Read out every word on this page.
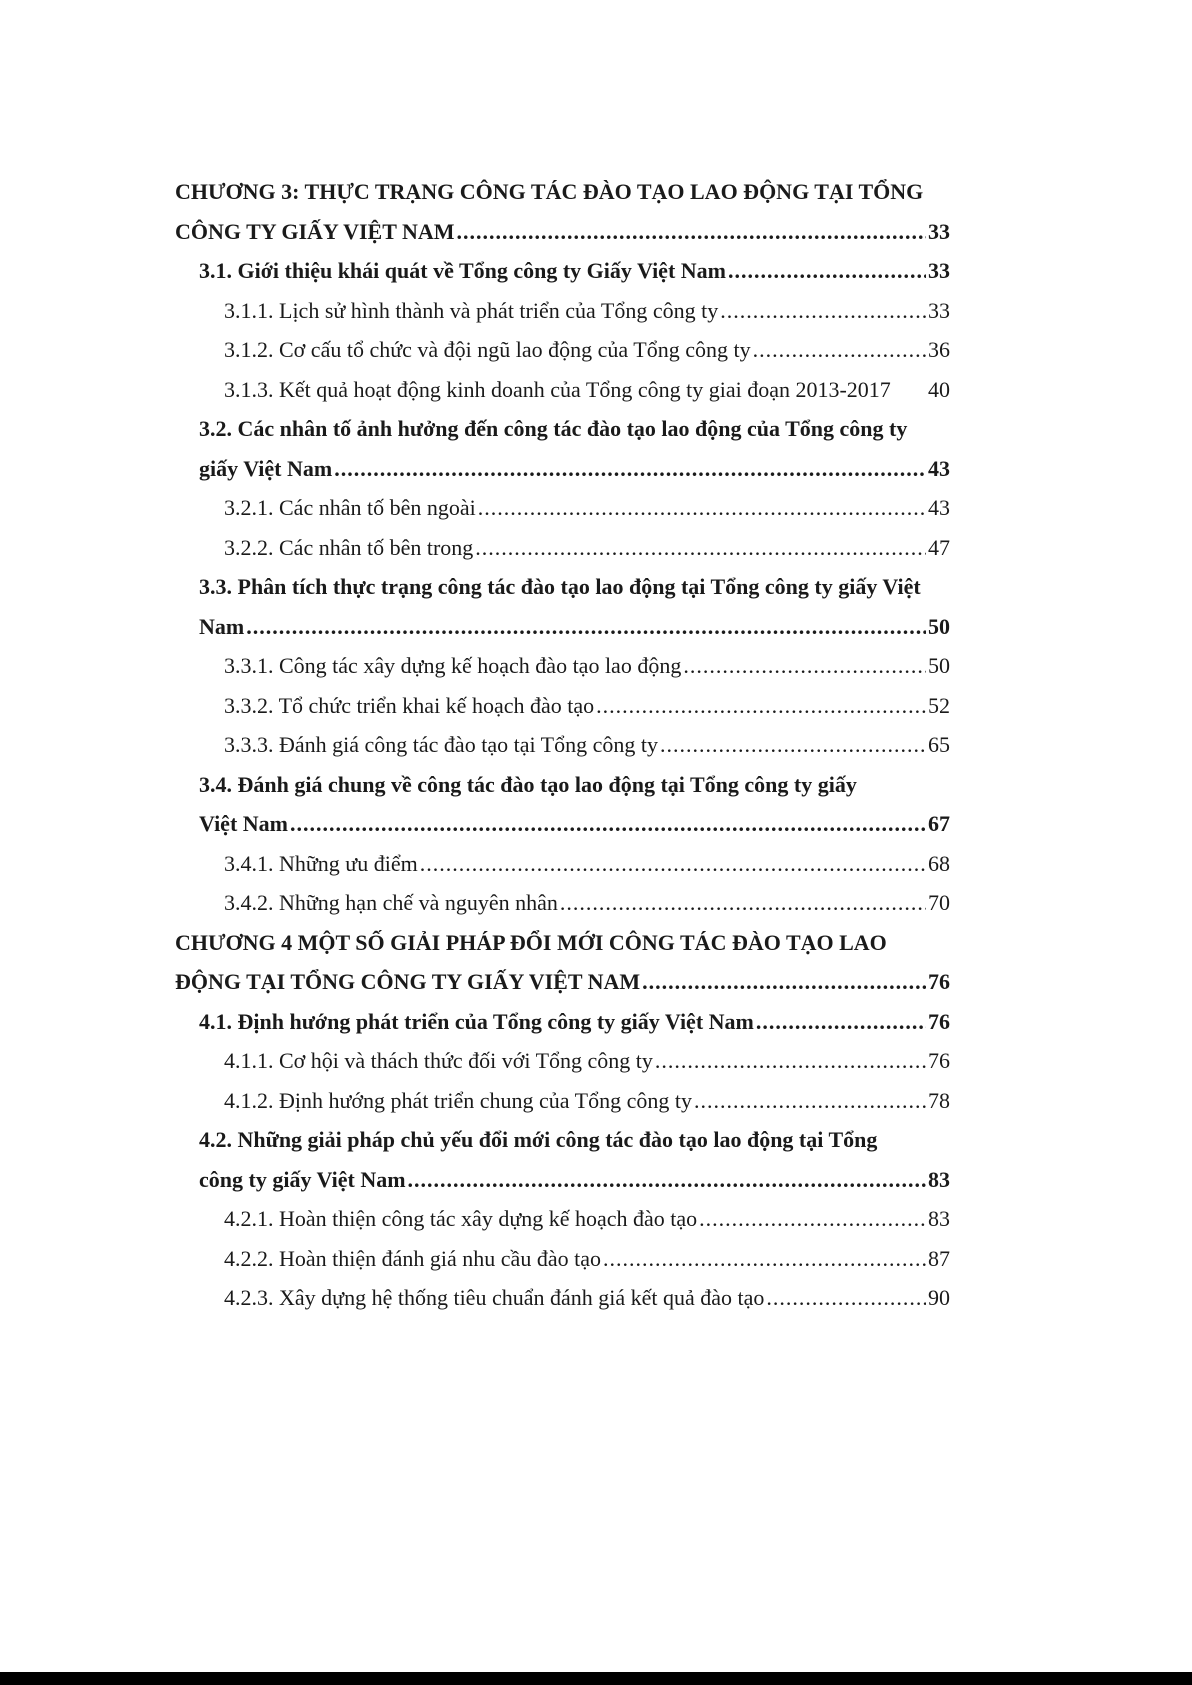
CHƯƠNG 3: THỰC TRẠNG CÔNG TÁC ĐÀO TẠO LAO ĐỘNG TẠI TỔNG
CÔNG TY GIẤY VIỆT NAM .....	33
3.1. Giới thiệu khái quát về Tổng công ty Giấy Việt Nam .....	33
3.1.1. Lịch sử hình thành và phát triển của Tổng công ty .....	33
3.1.2. Cơ cấu tổ chức và đội ngũ lao động của Tổng công ty .....	36
3.1.3. Kết quả hoạt động kinh doanh của Tổng công ty giai đoạn 2013-2017 40
3.2. Các nhân tố ảnh hưởng đến công tác đào tạo lao động của Tổng công ty
giấy Việt Nam .....	43
3.2.1. Các nhân tố bên ngoài .....	43
3.2.2. Các nhân tố bên trong .....	47
3.3. Phân tích thực trạng công tác đào tạo lao động tại Tổng công ty giấy Việt
Nam .....	50
3.3.1. Công tác xây dựng kế hoạch đào tạo lao động .....	50
3.3.2. Tổ chức triển khai kế hoạch đào tạo .....	52
3.3.3. Đánh giá công tác đào tạo tại Tổng công ty .....	65
3.4. Đánh giá chung về công tác đào tạo lao động tại Tổng công ty giấy
Việt Nam .....	67
3.4.1. Những ưu điểm .....	68
3.4.2. Những hạn chế và nguyên nhân .....	70
CHƯƠNG 4 MỘT SỐ GIẢI PHÁP ĐỔI MỚI CÔNG TÁC ĐÀO TẠO LAO
ĐỘNG TẠI TỔNG CÔNG TY GIẤY VIỆT NAM .....	76
4.1. Định hướng phát triển của Tổng công ty giấy Việt Nam .....	76
4.1.1. Cơ hội và thách thức đối với Tổng công ty .....	76
4.1.2. Định hướng phát triển chung của Tổng công ty .....	78
4.2. Những giải pháp chủ yếu đổi mới công tác đào tạo lao động tại Tổng
công ty giấy Việt Nam .....	83
4.2.1. Hoàn thiện công tác xây dựng kế hoạch đào tạo .....	83
4.2.2. Hoàn thiện đánh giá nhu cầu đào tạo .....	87
4.2.3. Xây dựng hệ thống tiêu chuẩn đánh giá kết quả đào tạo .....	90
